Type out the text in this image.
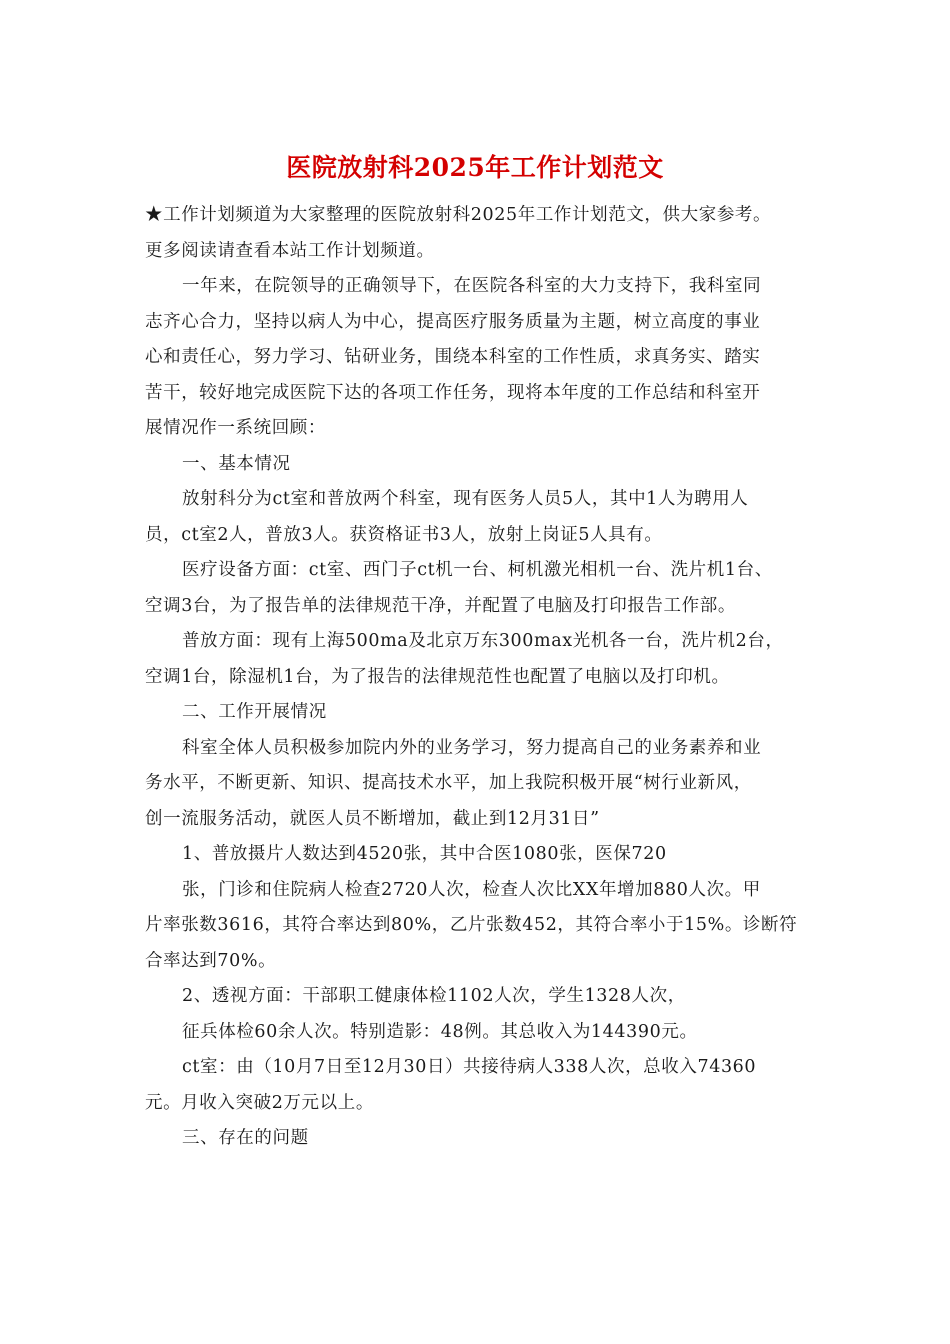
医院放射科2025年工作计划范文
★工作计划频道为大家整理的医院放射科2025年工作计划范文，供大家参考。
更多阅读请查看本站工作计划频道。
一年来，在院领导的正确领导下，在医院各科室的大力支持下，我科室同
志齐心合力，坚持以病人为中心，提高医疗服务质量为主题，树立高度的事业
心和责任心，努力学习、钻研业务，围绕本科室的工作性质，求真务实、踏实
苦干，较好地完成医院下达的各项工作任务，现将本年度的工作总结和科室开
展情况作一系统回顾：
一、基本情况
放射科分为ct室和普放两个科室，现有医务人员5人，其中1人为聘用人
员，ct室2人，普放3人。获资格证书3人，放射上岗证5人具有。
医疗设备方面：ct室、西门子ct机一台、柯机激光相机一台、洗片机1台、
空调3台，为了报告单的法律规范干净，并配置了电脑及打印报告工作部。
普放方面：现有上海500ma及北京万东300max光机各一台，洗片机2台，
空调1台，除湿机1台，为了报告的法律规范性也配置了电脑以及打印机。
二、工作开展情况
科室全体人员积极参加院内外的业务学习，努力提高自己的业务素养和业
务水平，不断更新、知识、提高技术水平，加上我院积极开展“树行业新风，
创一流服务活动，就医人员不断增加，截止到12月31日”
1、普放摄片人数达到4520张，其中合医1080张，医保720
张，门诊和住院病人检查2720人次，检查人次比XX年增加880人次。甲
片率张数3616，其符合率达到80%，乙片张数452，其符合率小于15%。诊断符
合率达到70%。
2、透视方面：干部职工健康体检1102人次，学生1328人次，
征兵体检60余人次。特别造影：48例。其总收入为144390元。
ct室：由（10月7日至12月30日）共接待病人338人次，总收入74360
元。月收入突破2万元以上。
三、存在的问题
